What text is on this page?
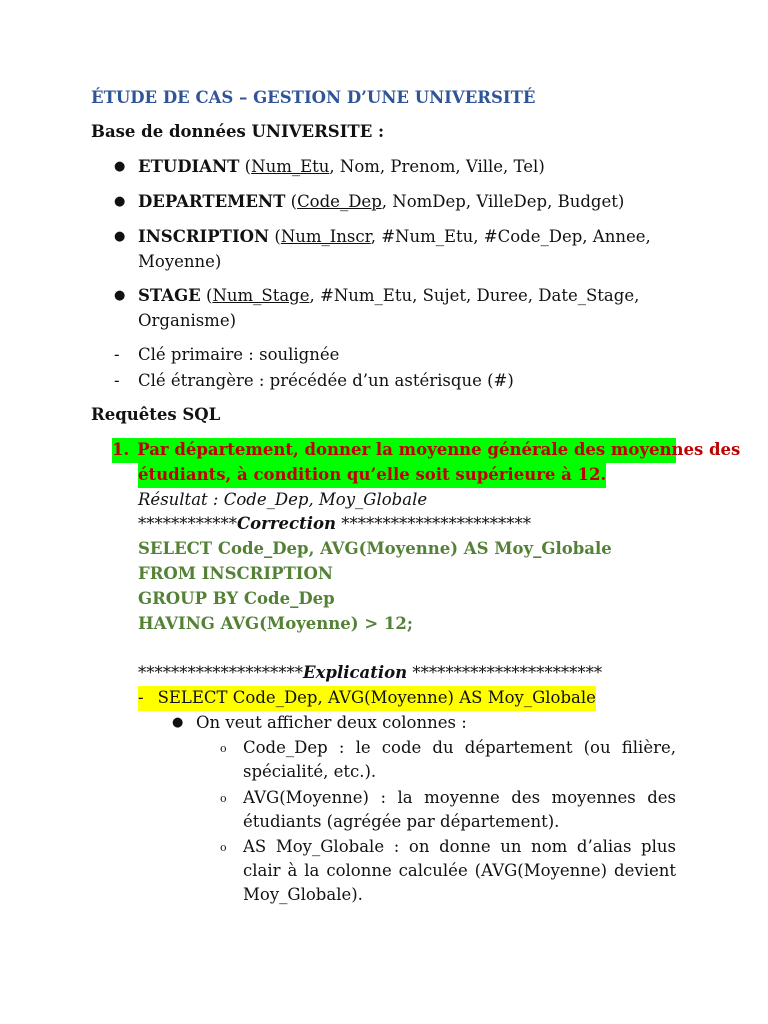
ÉTUDE DE CAS – GESTION D’UNE UNIVERSITÉ
Base de données UNIVERSITE :
● ETUDIANT (Num_Etu, Nom, Prenom, Ville, Tel)
● DEPARTEMENT (Code_Dep, NomDep, VilleDep, Budget)
● INSCRIPTION (Num_Inscr, #Num_Etu, #Code_Dep, Annee,
Moyenne)
● STAGE (Num_Stage, #Num_Etu, Sujet, Duree, Date_Stage,
Organisme)
- Clé primaire : soulignée
- Clé étrangère : précédée d’un astérisque (#)
Requêtes SQL
1. Par département, donner la moyenne générale des moyennes des
étudiants, à condition qu’elle soit supérieure à 12.
Résultat : Code_Dep, Moy_Globale
************Correction ***********************
SELECT Code_Dep, AVG(Moyenne) AS Moy_Globale
FROM INSCRIPTION
GROUP BY Code_Dep
HAVING AVG(Moyenne) > 12;
********************Explication ***********************
- SELECT Code_Dep, AVG(Moyenne) AS Moy_Globale
● On veut afficher deux colonnes :
o Code_Dep : le code du département (ou filière, spécialité, etc.).
o AVG(Moyenne) : la moyenne des moyennes des étudiants (agrégée par département).
o AS Moy_Globale : on donne un nom d’alias plus clair à la colonne calculée (AVG(Moyenne) devient Moy_Globale).
